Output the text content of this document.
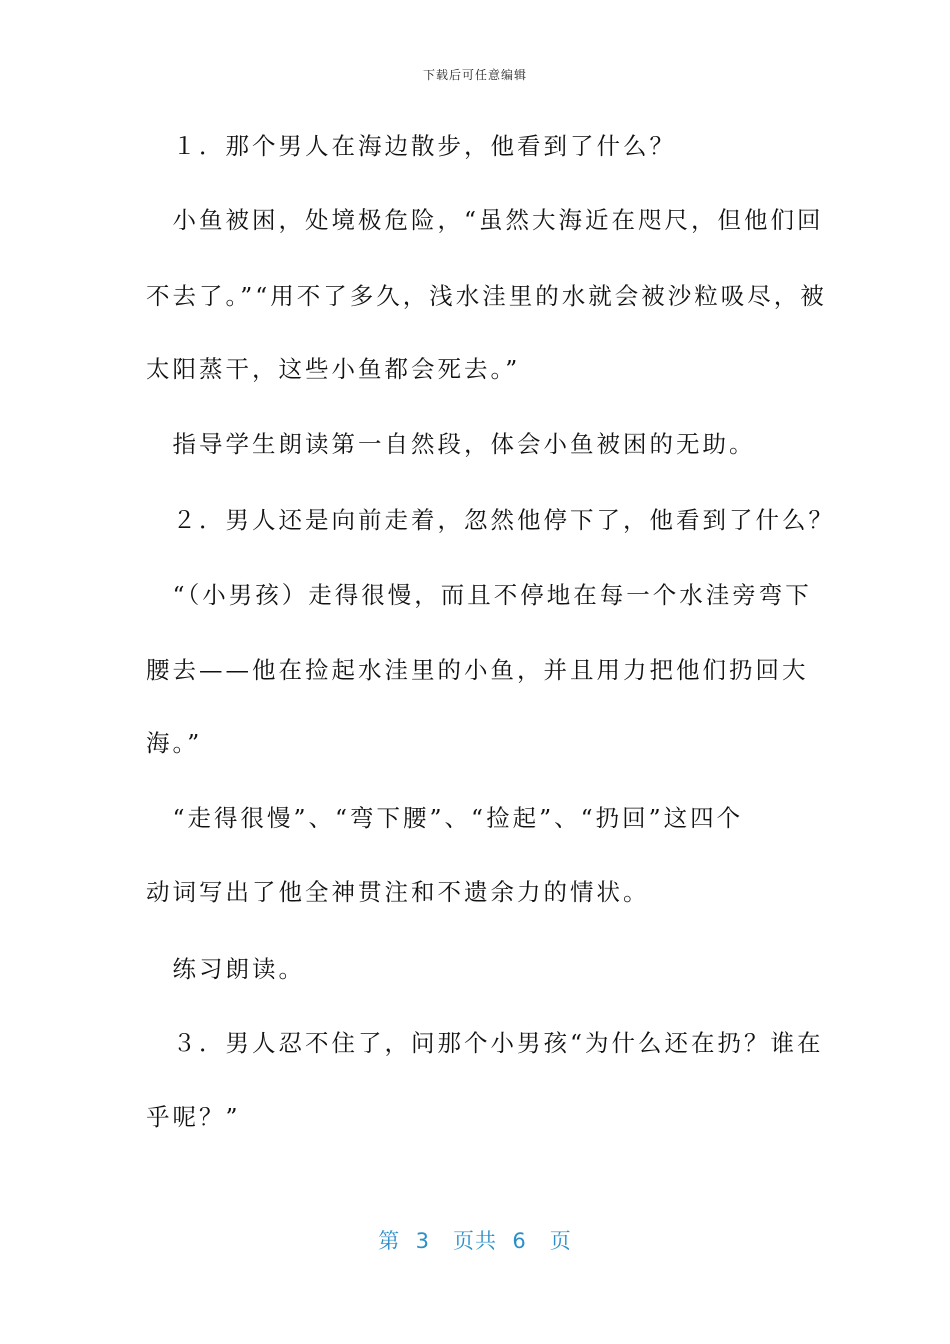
下载后可任意编辑
　１．那个男人在海边散步，他看到了什么？
　小鱼被困，处境极危险，“虽然大海近在咫尺，但他们回
不去了。”“用不了多久，浅水洼里的水就会被沙粒吸尽，被
太阳蒸干，这些小鱼都会死去。”
　指导学生朗读第一自然段，体会小鱼被困的无助。
　２．男人还是向前走着，忽然他停下了，他看到了什么？
　“（小男孩）走得很慢，而且不停地在每一个水洼旁弯下
腰去——他在捡起水洼里的小鱼，并且用力把他们扔回大
海。”
　“走得很慢”、“弯下腰”、“捡起”、“扔回”这四个
动词写出了他全神贯注和不遗余力的情状。
　练习朗读。
　３．男人忍不住了，问那个小男孩“为什么还在扔？谁在
乎呢？”
第  3   页共  6   页
